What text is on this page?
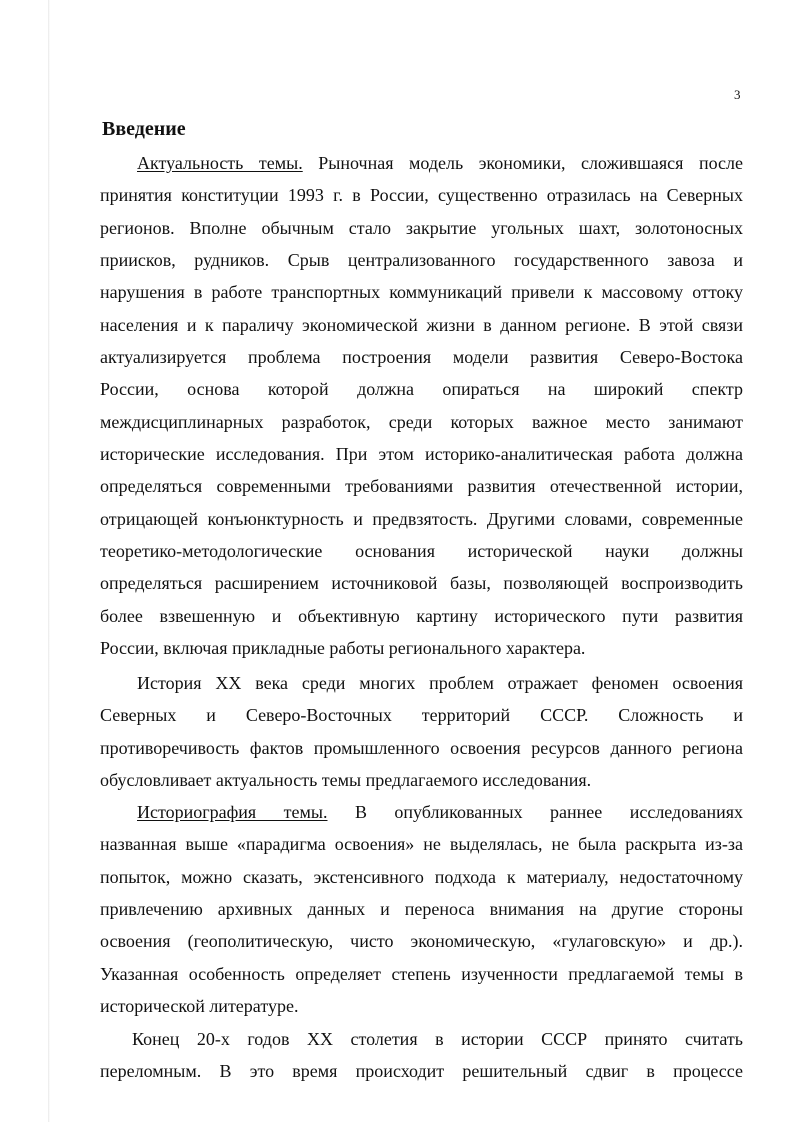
3
Введение
Актуальность темы. Рыночная модель экономики, сложившаяся после
принятия конституции 1993 г. в России, существенно отразилась на Северных
регионов. Вполне обычным стало закрытие угольных шахт, золотоносных
приисков, рудников. Срыв централизованного государственного завоза и
нарушения в работе транспортных коммуникаций привели к массовому оттоку
населения и к параличу экономической жизни в данном регионе. В этой связи
актуализируется проблема построения модели развития Северо-Востока
России, основа которой должна опираться на широкий спектр
междисциплинарных разработок, среди которых важное место занимают
исторические исследования. При этом историко-аналитическая работа должна
определяться современными требованиями развития отечественной истории,
отрицающей конъюнктурность и предвзятость. Другими словами, современные
теоретико-методологические основания исторической науки должны
определяться расширением источниковой базы, позволяющей воспроизводить
более взвешенную и объективную картину исторического пути развития
России, включая прикладные работы регионального характера.
История XX века среди многих проблем отражает феномен освоения
Северных и Северо-Восточных территорий СССР. Сложность и
противоречивость фактов промышленного освоения ресурсов данного региона
обусловливает актуальность темы предлагаемого исследования.
Историография темы. В опубликованных раннее исследованиях
названная выше «парадигма освоения» не выделялась, не была раскрыта из-за
попыток, можно сказать, экстенсивного подхода к материалу, недостаточному
привлечению архивных данных и переноса внимания на другие стороны
освоения (геополитическую, чисто экономическую, «гулаговскую» и др.).
Указанная особенность определяет степень изученности предлагаемой темы в
исторической литературе.
Конец 20-х годов XX столетия в истории СССР принято считать
переломным. В это время происходит решительный сдвиг в процессе
